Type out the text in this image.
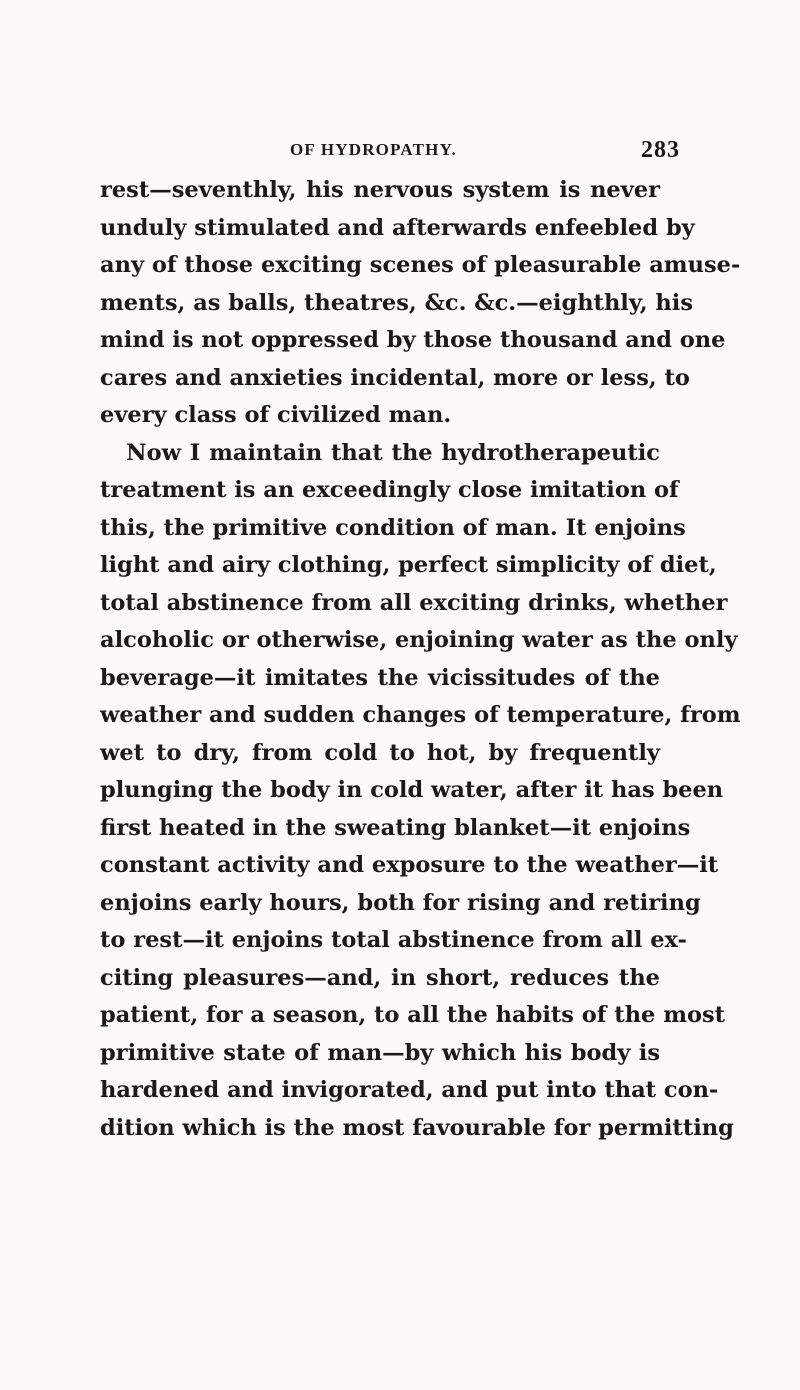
OF HYDROPATHY.	283
rest—seventhly, his nervous system is never
unduly stimulated and afterwards enfeebled by
any of those exciting scenes of pleasurable amuse-
ments, as balls, theatres, &c. &c.—eighthly, his
mind is not oppressed by those thousand and one
cares and anxieties incidental, more or less, to
every class of civilized man.
Now I maintain that the hydrotherapeutic
treatment is an exceedingly close imitation of
this, the primitive condition of man. It enjoins
light and airy clothing, perfect simplicity of diet,
total abstinence from all exciting drinks, whether
alcoholic or otherwise, enjoining water as the only
beverage—it imitates the vicissitudes of the
weather and sudden changes of temperature, from
wet to dry, from cold to hot, by frequently
plunging the body in cold water, after it has been
first heated in the sweating blanket—it enjoins
constant activity and exposure to the weather—it
enjoins early hours, both for rising and retiring
to rest—it enjoins total abstinence from all ex-
citing pleasures—and, in short, reduces the
patient, for a season, to all the habits of the most
primitive state of man—by which his body is
hardened and invigorated, and put into that con-
dition which is the most favourable for permitting
